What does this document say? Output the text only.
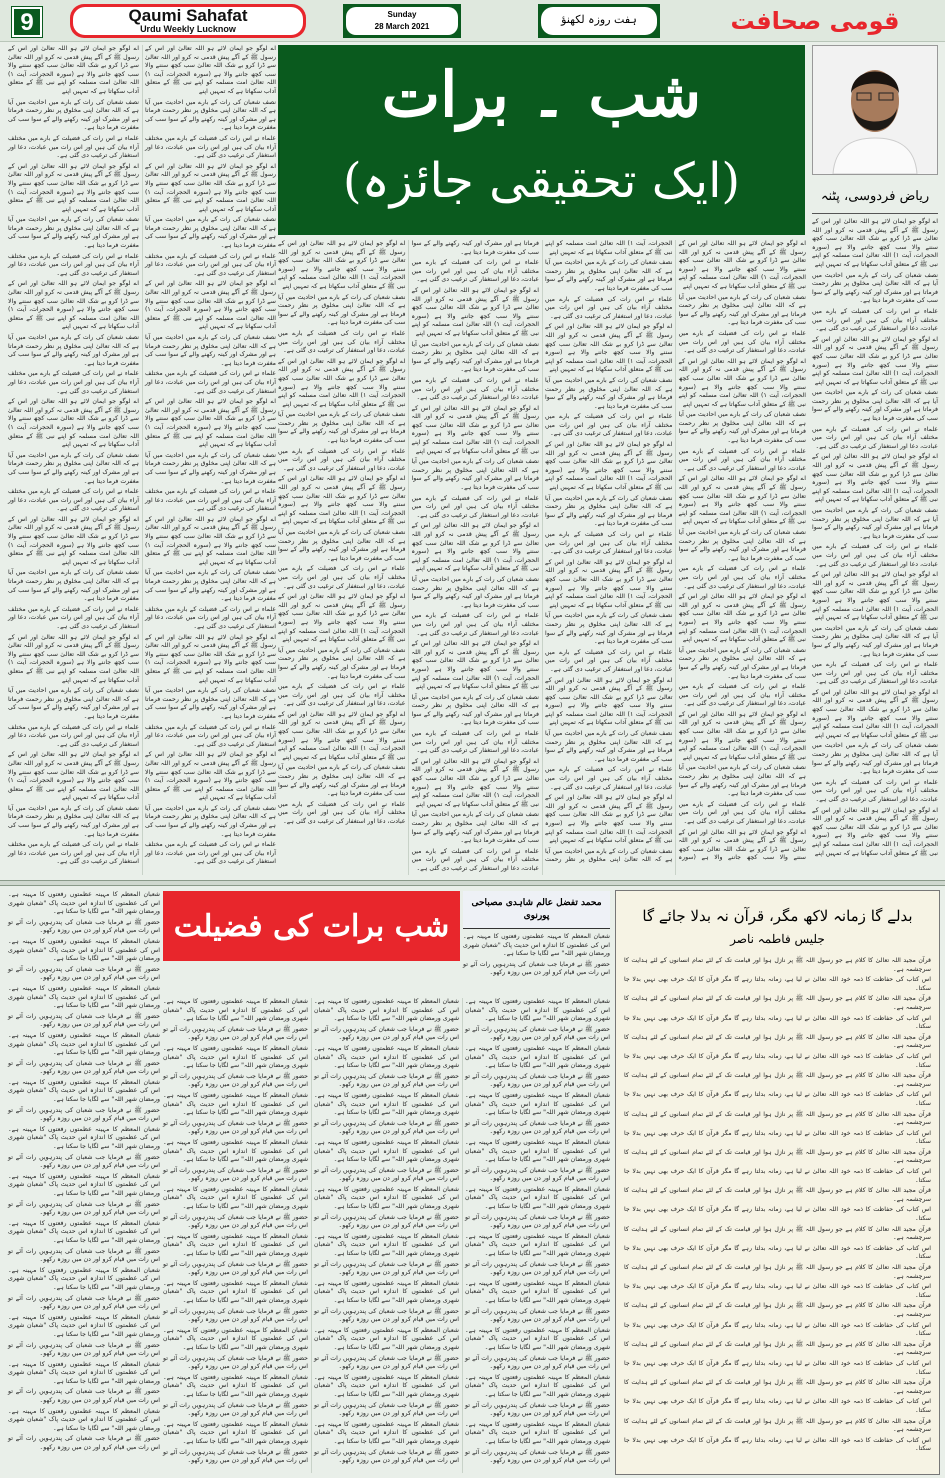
9	Qaumi Sahafat
Urdu Weekly Lucknow
Sunday
28 March 2021
ہفت روزہ لکھنؤ	قومی صحافت

اے لوگو جو ایمان لائے ہو اللہ تعالیٰ اور اس کے رسول ﷺ کے آگے پیش قدمی نہ کرو اور اللہ تعالیٰ سے ڈرا کرو بے شک اللہ تعالیٰ سب کچھ سننے والا سب کچھ جاننے والا ہے (سورہ الحجرات، آیت ۱) اللہ تعالیٰ امت مسلمہ کو اپنے نبی ﷺ کے متعلق آداب سکھاتا ہے کہ تمہیں اپنے

نصف شعبان کی رات کے بارے میں احادیث میں آیا ہے کہ اللہ تعالیٰ اپنی مخلوق پر نظر رحمت فرماتا ہے اور مشرک اور کینہ رکھنے والے کے سوا سب کی مغفرت فرما دیتا ہے۔

علماء نے اس رات کی فضیلت کے بارے میں مختلف آراء بیان کی ہیں اور اس رات میں عبادت، دعا اور استغفار کی ترغیب دی گئی ہے۔

اے لوگو جو ایمان لائے ہو اللہ تعالیٰ اور اس کے رسول ﷺ کے آگے پیش قدمی نہ کرو اور اللہ تعالیٰ سے ڈرا کرو بے شک اللہ تعالیٰ سب کچھ سننے والا سب کچھ جاننے والا ہے (سورہ الحجرات، آیت ۱) اللہ تعالیٰ امت مسلمہ کو اپنے نبی ﷺ کے متعلق آداب سکھاتا ہے کہ تمہیں اپنے

نصف شعبان کی رات کے بارے میں احادیث میں آیا ہے کہ اللہ تعالیٰ اپنی مخلوق پر نظر رحمت فرماتا ہے اور مشرک اور کینہ رکھنے والے کے سوا سب کی مغفرت فرما دیتا ہے۔

علماء نے اس رات کی فضیلت کے بارے میں مختلف آراء بیان کی ہیں اور اس رات میں عبادت، دعا اور استغفار کی ترغیب دی گئی ہے۔

اے لوگو جو ایمان لائے ہو اللہ تعالیٰ اور اس کے رسول ﷺ کے آگے پیش قدمی نہ کرو اور اللہ تعالیٰ سے ڈرا کرو بے شک اللہ تعالیٰ سب کچھ سننے والا سب کچھ جاننے والا ہے (سورہ الحجرات، آیت ۱) اللہ تعالیٰ امت مسلمہ کو اپنے نبی ﷺ کے متعلق آداب سکھاتا ہے کہ تمہیں اپنے

نصف شعبان کی رات کے بارے میں احادیث میں آیا ہے کہ اللہ تعالیٰ اپنی مخلوق پر نظر رحمت فرماتا ہے اور مشرک اور کینہ رکھنے والے کے سوا سب کی مغفرت فرما دیتا ہے۔

علماء نے اس رات کی فضیلت کے بارے میں مختلف آراء بیان کی ہیں اور اس رات میں عبادت، دعا اور استغفار کی ترغیب دی گئی ہے۔

اے لوگو جو ایمان لائے ہو اللہ تعالیٰ اور اس کے رسول ﷺ کے آگے پیش قدمی نہ کرو اور اللہ تعالیٰ سے ڈرا کرو بے شک اللہ تعالیٰ سب کچھ سننے والا سب کچھ جاننے والا ہے (سورہ الحجرات، آیت ۱) اللہ تعالیٰ امت مسلمہ کو اپنے نبی ﷺ کے متعلق آداب سکھاتا ہے کہ تمہیں اپنے

نصف شعبان کی رات کے بارے میں احادیث میں آیا ہے کہ اللہ تعالیٰ اپنی مخلوق پر نظر رحمت فرماتا ہے اور مشرک اور کینہ رکھنے والے کے سوا سب کی مغفرت فرما دیتا ہے۔

علماء نے اس رات کی فضیلت کے بارے میں مختلف آراء بیان کی ہیں اور اس رات میں عبادت، دعا اور استغفار کی ترغیب دی گئی ہے۔

اے لوگو جو ایمان لائے ہو اللہ تعالیٰ اور اس کے رسول ﷺ کے آگے پیش قدمی نہ کرو اور اللہ تعالیٰ سے ڈرا کرو بے شک اللہ تعالیٰ سب کچھ سننے والا سب کچھ جاننے والا ہے (سورہ الحجرات، آیت ۱) اللہ تعالیٰ امت مسلمہ کو اپنے نبی ﷺ کے متعلق آداب سکھاتا ہے کہ تمہیں اپنے

نصف شعبان کی رات کے بارے میں احادیث میں آیا ہے کہ اللہ تعالیٰ اپنی مخلوق پر نظر رحمت فرماتا ہے اور مشرک اور کینہ رکھنے والے کے سوا سب کی مغفرت فرما دیتا ہے۔

علماء نے اس رات کی فضیلت کے بارے میں مختلف آراء بیان کی ہیں اور اس رات میں عبادت، دعا اور استغفار کی ترغیب دی گئی ہے۔

اے لوگو جو ایمان لائے ہو اللہ تعالیٰ اور اس کے رسول ﷺ کے آگے پیش قدمی نہ کرو اور اللہ تعالیٰ سے ڈرا کرو بے شک اللہ تعالیٰ سب کچھ سننے والا سب کچھ جاننے والا ہے (سورہ الحجرات، آیت ۱) اللہ تعالیٰ امت مسلمہ کو اپنے نبی ﷺ کے متعلق آداب سکھاتا ہے کہ تمہیں اپنے

نصف شعبان کی رات کے بارے میں احادیث میں آیا ہے کہ اللہ تعالیٰ اپنی مخلوق پر نظر رحمت فرماتا ہے اور مشرک اور کینہ رکھنے والے کے سوا سب کی مغفرت فرما دیتا ہے۔

علماء نے اس رات کی فضیلت کے بارے میں مختلف آراء بیان کی ہیں اور اس رات میں عبادت، دعا اور استغفار کی ترغیب دی گئی ہے۔

اے لوگو جو ایمان لائے ہو اللہ تعالیٰ اور اس کے رسول ﷺ کے آگے پیش قدمی نہ کرو اور اللہ تعالیٰ سے ڈرا کرو بے شک اللہ تعالیٰ سب کچھ سننے والا سب کچھ جاننے والا ہے (سورہ الحجرات، آیت ۱) اللہ تعالیٰ امت مسلمہ کو اپنے نبی ﷺ کے متعلق آداب سکھاتا ہے کہ تمہیں اپنے

نصف شعبان کی رات کے بارے میں احادیث میں آیا ہے کہ اللہ تعالیٰ اپنی مخلوق پر نظر رحمت فرماتا ہے اور مشرک اور کینہ رکھنے والے کے سوا سب کی مغفرت فرما دیتا ہے۔

علماء نے اس رات کی فضیلت کے بارے میں مختلف آراء بیان کی ہیں اور اس رات میں عبادت، دعا اور استغفار کی ترغیب دی گئی ہے۔

اے لوگو جو ایمان لائے ہو اللہ تعالیٰ اور اس کے رسول ﷺ کے آگے پیش قدمی نہ کرو اور اللہ تعالیٰ سے ڈرا کرو بے شک اللہ تعالیٰ سب کچھ سننے والا سب کچھ جاننے والا ہے (سورہ الحجرات، آیت ۱) اللہ تعالیٰ امت مسلمہ کو اپنے نبی ﷺ کے متعلق آداب سکھاتا ہے کہ تمہیں اپنے

نصف شعبان کی رات کے بارے میں احادیث میں آیا ہے کہ اللہ تعالیٰ اپنی مخلوق پر نظر رحمت فرماتا ہے اور مشرک اور کینہ رکھنے والے کے سوا سب کی مغفرت فرما دیتا ہے۔

علماء نے اس رات کی فضیلت کے بارے میں مختلف آراء بیان کی ہیں اور اس رات میں عبادت، دعا اور استغفار کی ترغیب دی گئی ہے۔

اے لوگو جو ایمان لائے ہو اللہ تعالیٰ اور اس کے رسول ﷺ کے آگے پیش قدمی نہ کرو اور اللہ تعالیٰ سے ڈرا کرو بے شک اللہ تعالیٰ سب کچھ سننے والا سب کچھ جاننے والا ہے (سورہ الحجرات، آیت ۱) اللہ تعالیٰ امت مسلمہ کو اپنے نبی ﷺ کے متعلق آداب سکھاتا ہے کہ تمہیں اپنے

نصف شعبان کی رات کے بارے میں احادیث میں آیا ہے کہ اللہ تعالیٰ اپنی مخلوق پر نظر رحمت فرماتا ہے اور مشرک اور کینہ رکھنے والے کے سوا سب کی مغفرت فرما دیتا ہے۔

علماء نے اس رات کی فضیلت کے بارے میں مختلف آراء بیان کی ہیں اور اس رات میں عبادت، دعا اور استغفار کی ترغیب دی گئی ہے۔

اے لوگو جو ایمان لائے ہو اللہ تعالیٰ اور اس کے رسول ﷺ کے آگے پیش قدمی نہ کرو اور اللہ تعالیٰ سے ڈرا کرو بے شک اللہ تعالیٰ سب کچھ سننے والا سب کچھ جاننے والا ہے (سورہ الحجرات، آیت ۱) اللہ تعالیٰ امت مسلمہ کو اپنے نبی ﷺ کے متعلق آداب سکھاتا ہے کہ تمہیں اپنے

نصف شعبان کی رات کے بارے میں احادیث میں آیا ہے کہ اللہ تعالیٰ اپنی مخلوق پر نظر رحمت فرماتا ہے اور مشرک اور کینہ رکھنے والے کے سوا سب کی مغفرت فرما دیتا ہے۔

علماء نے اس رات کی فضیلت کے بارے میں مختلف آراء بیان کی ہیں اور اس رات میں عبادت، دعا اور استغفار کی ترغیب دی گئی ہے۔

اے لوگو جو ایمان لائے ہو اللہ تعالیٰ اور اس کے رسول ﷺ کے آگے پیش قدمی نہ کرو اور اللہ تعالیٰ سے ڈرا کرو بے شک اللہ تعالیٰ سب کچھ سننے والا سب کچھ جاننے والا ہے (سورہ الحجرات، آیت ۱) اللہ تعالیٰ امت مسلمہ کو اپنے نبی ﷺ کے متعلق آداب سکھاتا ہے کہ تمہیں اپنے

نصف شعبان کی رات کے بارے میں احادیث میں آیا ہے کہ اللہ تعالیٰ اپنی مخلوق پر نظر رحمت فرماتا ہے اور مشرک اور کینہ رکھنے والے کے سوا سب کی مغفرت فرما دیتا ہے۔

علماء نے اس رات کی فضیلت کے بارے میں مختلف آراء بیان کی ہیں اور اس رات میں عبادت، دعا اور استغفار کی ترغیب دی گئی ہے۔

اے لوگو جو ایمان لائے ہو اللہ تعالیٰ اور اس کے رسول ﷺ کے آگے پیش قدمی نہ کرو اور اللہ تعالیٰ سے ڈرا کرو بے شک اللہ تعالیٰ سب کچھ سننے والا سب کچھ جاننے والا ہے (سورہ الحجرات، آیت ۱) اللہ تعالیٰ امت مسلمہ کو اپنے نبی ﷺ کے متعلق آداب سکھاتا ہے کہ تمہیں اپنے

نصف شعبان کی رات کے بارے میں احادیث میں آیا ہے کہ اللہ تعالیٰ اپنی مخلوق پر نظر رحمت فرماتا ہے اور مشرک اور کینہ رکھنے والے کے سوا سب کی مغفرت فرما دیتا ہے۔

علماء نے اس رات کی فضیلت کے بارے میں مختلف آراء بیان کی ہیں اور اس رات میں عبادت، دعا اور استغفار کی ترغیب دی گئی ہے۔

اے لوگو جو ایمان لائے ہو اللہ تعالیٰ اور اس کے رسول ﷺ کے آگے پیش قدمی نہ کرو اور اللہ تعالیٰ سے ڈرا کرو بے شک اللہ تعالیٰ سب کچھ سننے والا سب کچھ جاننے والا ہے (سورہ الحجرات، آیت ۱) اللہ تعالیٰ امت مسلمہ کو اپنے نبی ﷺ کے متعلق آداب سکھاتا ہے کہ تمہیں اپنے

نصف شعبان کی رات کے بارے میں احادیث میں آیا ہے کہ اللہ تعالیٰ اپنی مخلوق پر نظر رحمت فرماتا ہے اور مشرک اور کینہ رکھنے والے کے سوا سب کی مغفرت فرما دیتا ہے۔

علماء نے اس رات کی فضیلت کے بارے میں مختلف آراء بیان کی ہیں اور اس رات میں عبادت، دعا اور استغفار کی ترغیب دی گئی ہے۔

اے لوگو جو ایمان لائے ہو اللہ تعالیٰ اور اس کے رسول ﷺ کے آگے پیش قدمی نہ کرو اور اللہ تعالیٰ سے ڈرا کرو بے شک اللہ تعالیٰ سب کچھ سننے والا سب کچھ جاننے والا ہے (سورہ الحجرات، آیت ۱) اللہ تعالیٰ امت مسلمہ کو اپنے نبی ﷺ کے متعلق آداب سکھاتا ہے کہ تمہیں اپنے

نصف شعبان کی رات کے بارے میں احادیث میں آیا ہے کہ اللہ تعالیٰ اپنی مخلوق پر نظر رحمت فرماتا ہے اور مشرک اور کینہ رکھنے والے کے سوا سب کی مغفرت فرما دیتا ہے۔

علماء نے اس رات کی فضیلت کے بارے میں مختلف آراء بیان کی ہیں اور اس رات میں عبادت، دعا اور استغفار کی ترغیب دی گئی ہے۔

شب ۔ برات
(ایک تحقیقی جائزہ)	ریاض فردوسی، پٹنہ

اے لوگو جو ایمان لائے ہو اللہ تعالیٰ اور اس کے رسول ﷺ کے آگے پیش قدمی نہ کرو اور اللہ تعالیٰ سے ڈرا کرو بے شک اللہ تعالیٰ سب کچھ سننے والا سب کچھ جاننے والا ہے (سورہ الحجرات، آیت ۱) اللہ تعالیٰ امت مسلمہ کو اپنے نبی ﷺ کے متعلق آداب سکھاتا ہے کہ تمہیں اپنے

نصف شعبان کی رات کے بارے میں احادیث میں آیا ہے کہ اللہ تعالیٰ اپنی مخلوق پر نظر رحمت فرماتا ہے اور مشرک اور کینہ رکھنے والے کے سوا سب کی مغفرت فرما دیتا ہے۔

علماء نے اس رات کی فضیلت کے بارے میں مختلف آراء بیان کی ہیں اور اس رات میں عبادت، دعا اور استغفار کی ترغیب دی گئی ہے۔

اے لوگو جو ایمان لائے ہو اللہ تعالیٰ اور اس کے رسول ﷺ کے آگے پیش قدمی نہ کرو اور اللہ تعالیٰ سے ڈرا کرو بے شک اللہ تعالیٰ سب کچھ سننے والا سب کچھ جاننے والا ہے (سورہ الحجرات، آیت ۱) اللہ تعالیٰ امت مسلمہ کو اپنے نبی ﷺ کے متعلق آداب سکھاتا ہے کہ تمہیں اپنے

نصف شعبان کی رات کے بارے میں احادیث میں آیا ہے کہ اللہ تعالیٰ اپنی مخلوق پر نظر رحمت فرماتا ہے اور مشرک اور کینہ رکھنے والے کے سوا سب کی مغفرت فرما دیتا ہے۔

علماء نے اس رات کی فضیلت کے بارے میں مختلف آراء بیان کی ہیں اور اس رات میں عبادت، دعا اور استغفار کی ترغیب دی گئی ہے۔

اے لوگو جو ایمان لائے ہو اللہ تعالیٰ اور اس کے رسول ﷺ کے آگے پیش قدمی نہ کرو اور اللہ تعالیٰ سے ڈرا کرو بے شک اللہ تعالیٰ سب کچھ سننے والا سب کچھ جاننے والا ہے (سورہ الحجرات، آیت ۱) اللہ تعالیٰ امت مسلمہ کو اپنے نبی ﷺ کے متعلق آداب سکھاتا ہے کہ تمہیں اپنے

نصف شعبان کی رات کے بارے میں احادیث میں آیا ہے کہ اللہ تعالیٰ اپنی مخلوق پر نظر رحمت فرماتا ہے اور مشرک اور کینہ رکھنے والے کے سوا سب کی مغفرت فرما دیتا ہے۔

علماء نے اس رات کی فضیلت کے بارے میں مختلف آراء بیان کی ہیں اور اس رات میں عبادت، دعا اور استغفار کی ترغیب دی گئی ہے۔

اے لوگو جو ایمان لائے ہو اللہ تعالیٰ اور اس کے رسول ﷺ کے آگے پیش قدمی نہ کرو اور اللہ تعالیٰ سے ڈرا کرو بے شک اللہ تعالیٰ سب کچھ سننے والا سب کچھ جاننے والا ہے (سورہ الحجرات، آیت ۱) اللہ تعالیٰ امت مسلمہ کو اپنے نبی ﷺ کے متعلق آداب سکھاتا ہے کہ تمہیں اپنے

نصف شعبان کی رات کے بارے میں احادیث میں آیا ہے کہ اللہ تعالیٰ اپنی مخلوق پر نظر رحمت فرماتا ہے اور مشرک اور کینہ رکھنے والے کے سوا سب کی مغفرت فرما دیتا ہے۔

علماء نے اس رات کی فضیلت کے بارے میں مختلف آراء بیان کی ہیں اور اس رات میں عبادت، دعا اور استغفار کی ترغیب دی گئی ہے۔

اے لوگو جو ایمان لائے ہو اللہ تعالیٰ اور اس کے رسول ﷺ کے آگے پیش قدمی نہ کرو اور اللہ تعالیٰ سے ڈرا کرو بے شک اللہ تعالیٰ سب کچھ سننے والا سب کچھ جاننے والا ہے (سورہ الحجرات، آیت ۱) اللہ تعالیٰ امت مسلمہ کو اپنے نبی ﷺ کے متعلق آداب سکھاتا ہے کہ تمہیں اپنے

نصف شعبان کی رات کے بارے میں احادیث میں آیا ہے کہ اللہ تعالیٰ اپنی مخلوق پر نظر رحمت فرماتا ہے اور مشرک اور کینہ رکھنے والے کے سوا سب کی مغفرت فرما دیتا ہے۔

علماء نے اس رات کی فضیلت کے بارے میں مختلف آراء بیان کی ہیں اور اس رات میں عبادت، دعا اور استغفار کی ترغیب دی گئی ہے۔

اے لوگو جو ایمان لائے ہو اللہ تعالیٰ اور اس کے رسول ﷺ کے آگے پیش قدمی نہ کرو اور اللہ تعالیٰ سے ڈرا کرو بے شک اللہ تعالیٰ سب کچھ سننے والا سب کچھ جاننے والا ہے (سورہ الحجرات، آیت ۱) اللہ تعالیٰ امت مسلمہ کو اپنے نبی ﷺ کے متعلق آداب سکھاتا ہے کہ تمہیں اپنے

اے لوگو جو ایمان لائے ہو اللہ تعالیٰ اور اس کے رسول ﷺ کے آگے پیش قدمی نہ کرو اور اللہ تعالیٰ سے ڈرا کرو بے شک اللہ تعالیٰ سب کچھ سننے والا سب کچھ جاننے والا ہے (سورہ الحجرات، آیت ۱) اللہ تعالیٰ امت مسلمہ کو اپنے نبی ﷺ کے متعلق آداب سکھاتا ہے کہ تمہیں اپنے

نصف شعبان کی رات کے بارے میں احادیث میں آیا ہے کہ اللہ تعالیٰ اپنی مخلوق پر نظر رحمت فرماتا ہے اور مشرک اور کینہ رکھنے والے کے سوا سب کی مغفرت فرما دیتا ہے۔

علماء نے اس رات کی فضیلت کے بارے میں مختلف آراء بیان کی ہیں اور اس رات میں عبادت، دعا اور استغفار کی ترغیب دی گئی ہے۔

اے لوگو جو ایمان لائے ہو اللہ تعالیٰ اور اس کے رسول ﷺ کے آگے پیش قدمی نہ کرو اور اللہ تعالیٰ سے ڈرا کرو بے شک اللہ تعالیٰ سب کچھ سننے والا سب کچھ جاننے والا ہے (سورہ الحجرات، آیت ۱) اللہ تعالیٰ امت مسلمہ کو اپنے نبی ﷺ کے متعلق آداب سکھاتا ہے کہ تمہیں اپنے

نصف شعبان کی رات کے بارے میں احادیث میں آیا ہے کہ اللہ تعالیٰ اپنی مخلوق پر نظر رحمت فرماتا ہے اور مشرک اور کینہ رکھنے والے کے سوا سب کی مغفرت فرما دیتا ہے۔

علماء نے اس رات کی فضیلت کے بارے میں مختلف آراء بیان کی ہیں اور اس رات میں عبادت، دعا اور استغفار کی ترغیب دی گئی ہے۔

اے لوگو جو ایمان لائے ہو اللہ تعالیٰ اور اس کے رسول ﷺ کے آگے پیش قدمی نہ کرو اور اللہ تعالیٰ سے ڈرا کرو بے شک اللہ تعالیٰ سب کچھ سننے والا سب کچھ جاننے والا ہے (سورہ الحجرات، آیت ۱) اللہ تعالیٰ امت مسلمہ کو اپنے نبی ﷺ کے متعلق آداب سکھاتا ہے کہ تمہیں اپنے

نصف شعبان کی رات کے بارے میں احادیث میں آیا ہے کہ اللہ تعالیٰ اپنی مخلوق پر نظر رحمت فرماتا ہے اور مشرک اور کینہ رکھنے والے کے سوا سب کی مغفرت فرما دیتا ہے۔

علماء نے اس رات کی فضیلت کے بارے میں مختلف آراء بیان کی ہیں اور اس رات میں عبادت، دعا اور استغفار کی ترغیب دی گئی ہے۔

اے لوگو جو ایمان لائے ہو اللہ تعالیٰ اور اس کے رسول ﷺ کے آگے پیش قدمی نہ کرو اور اللہ تعالیٰ سے ڈرا کرو بے شک اللہ تعالیٰ سب کچھ سننے والا سب کچھ جاننے والا ہے (سورہ الحجرات، آیت ۱) اللہ تعالیٰ امت مسلمہ کو اپنے نبی ﷺ کے متعلق آداب سکھاتا ہے کہ تمہیں اپنے

نصف شعبان کی رات کے بارے میں احادیث میں آیا ہے کہ اللہ تعالیٰ اپنی مخلوق پر نظر رحمت فرماتا ہے اور مشرک اور کینہ رکھنے والے کے سوا سب کی مغفرت فرما دیتا ہے۔

علماء نے اس رات کی فضیلت کے بارے میں مختلف آراء بیان کی ہیں اور اس رات میں عبادت، دعا اور استغفار کی ترغیب دی گئی ہے۔

اے لوگو جو ایمان لائے ہو اللہ تعالیٰ اور اس کے رسول ﷺ کے آگے پیش قدمی نہ کرو اور اللہ تعالیٰ سے ڈرا کرو بے شک اللہ تعالیٰ سب کچھ سننے والا سب کچھ جاننے والا ہے (سورہ الحجرات، آیت ۱) اللہ تعالیٰ امت مسلمہ کو اپنے نبی ﷺ کے متعلق آداب سکھاتا ہے کہ تمہیں اپنے

نصف شعبان کی رات کے بارے میں احادیث میں آیا ہے کہ اللہ تعالیٰ اپنی مخلوق پر نظر رحمت فرماتا ہے اور مشرک اور کینہ رکھنے والے کے سوا سب کی مغفرت فرما دیتا ہے۔

علماء نے اس رات کی فضیلت کے بارے میں مختلف آراء بیان کی ہیں اور اس رات میں عبادت، دعا اور استغفار کی ترغیب دی گئی ہے۔

اے لوگو جو ایمان لائے ہو اللہ تعالیٰ اور اس کے رسول ﷺ کے آگے پیش قدمی نہ کرو اور اللہ تعالیٰ سے ڈرا کرو بے شک اللہ تعالیٰ سب کچھ سننے والا سب کچھ جاننے والا ہے (سورہ الحجرات، آیت ۱) اللہ تعالیٰ امت مسلمہ کو اپنے نبی ﷺ کے متعلق آداب سکھاتا ہے کہ تمہیں اپنے

نصف شعبان کی رات کے بارے میں احادیث میں آیا ہے کہ اللہ تعالیٰ اپنی مخلوق پر نظر رحمت فرماتا ہے اور مشرک اور کینہ رکھنے والے کے سوا سب کی مغفرت فرما دیتا ہے۔

علماء نے اس رات کی فضیلت کے بارے میں مختلف آراء بیان کی ہیں اور اس رات میں عبادت، دعا اور استغفار کی ترغیب دی گئی ہے۔

اے لوگو جو ایمان لائے ہو اللہ تعالیٰ اور اس کے رسول ﷺ کے آگے پیش قدمی نہ کرو اور اللہ تعالیٰ سے ڈرا کرو بے شک اللہ تعالیٰ سب کچھ سننے والا سب کچھ جاننے والا ہے (سورہ الحجرات، آیت ۱) اللہ تعالیٰ امت مسلمہ کو اپنے نبی ﷺ کے متعلق آداب سکھاتا ہے کہ تمہیں اپنے

نصف شعبان کی رات کے بارے میں احادیث میں آیا ہے کہ اللہ تعالیٰ اپنی مخلوق پر نظر رحمت فرماتا ہے اور مشرک اور کینہ رکھنے والے کے سوا سب کی مغفرت فرما دیتا ہے۔

علماء نے اس رات کی فضیلت کے بارے میں مختلف آراء بیان کی ہیں اور اس رات میں عبادت، دعا اور استغفار کی ترغیب دی گئی ہے۔

اے لوگو جو ایمان لائے ہو اللہ تعالیٰ اور اس کے رسول ﷺ کے آگے پیش قدمی نہ کرو اور اللہ تعالیٰ سے ڈرا کرو بے شک اللہ تعالیٰ سب کچھ سننے والا سب کچھ جاننے والا ہے (سورہ الحجرات، آیت ۱) اللہ تعالیٰ امت مسلمہ کو اپنے نبی ﷺ کے متعلق آداب سکھاتا ہے کہ تمہیں اپنے

نصف شعبان کی رات کے بارے میں احادیث میں آیا ہے کہ اللہ تعالیٰ اپنی مخلوق پر نظر رحمت فرماتا ہے اور مشرک اور کینہ رکھنے والے کے سوا سب کی مغفرت فرما دیتا ہے۔

علماء نے اس رات کی فضیلت کے بارے میں مختلف آراء بیان کی ہیں اور اس رات میں عبادت، دعا اور استغفار کی ترغیب دی گئی ہے۔

اے لوگو جو ایمان لائے ہو اللہ تعالیٰ اور اس کے رسول ﷺ کے آگے پیش قدمی نہ کرو اور اللہ تعالیٰ سے ڈرا کرو بے شک اللہ تعالیٰ سب کچھ سننے والا سب کچھ جاننے والا ہے (سورہ الحجرات، آیت ۱) اللہ تعالیٰ امت مسلمہ کو اپنے نبی ﷺ کے متعلق آداب سکھاتا ہے کہ تمہیں اپنے

نصف شعبان کی رات کے بارے میں احادیث میں آیا ہے کہ اللہ تعالیٰ اپنی مخلوق پر نظر رحمت فرماتا ہے اور مشرک اور کینہ رکھنے والے کے سوا سب کی مغفرت فرما دیتا ہے۔

علماء نے اس رات کی فضیلت کے بارے میں مختلف آراء بیان کی ہیں اور اس رات میں عبادت، دعا اور استغفار کی ترغیب دی گئی ہے۔

اے لوگو جو ایمان لائے ہو اللہ تعالیٰ اور اس کے رسول ﷺ کے آگے پیش قدمی نہ کرو اور اللہ تعالیٰ سے ڈرا کرو بے شک اللہ تعالیٰ سب کچھ سننے والا سب کچھ جاننے والا ہے (سورہ الحجرات، آیت ۱) اللہ تعالیٰ امت مسلمہ کو اپنے نبی ﷺ کے متعلق آداب سکھاتا ہے کہ تمہیں اپنے

نصف شعبان کی رات کے بارے میں احادیث میں آیا ہے کہ اللہ تعالیٰ اپنی مخلوق پر نظر رحمت فرماتا ہے اور مشرک اور کینہ رکھنے والے کے سوا سب کی مغفرت فرما دیتا ہے۔

علماء نے اس رات کی فضیلت کے بارے میں مختلف آراء بیان کی ہیں اور اس رات میں عبادت، دعا اور استغفار کی ترغیب دی گئی ہے۔

اے لوگو جو ایمان لائے ہو اللہ تعالیٰ اور اس کے رسول ﷺ کے آگے پیش قدمی نہ کرو اور اللہ تعالیٰ سے ڈرا کرو بے شک اللہ تعالیٰ سب کچھ سننے والا سب کچھ جاننے والا ہے (سورہ الحجرات، آیت ۱) اللہ تعالیٰ امت مسلمہ کو اپنے نبی ﷺ کے متعلق آداب سکھاتا ہے کہ تمہیں اپنے

نصف شعبان کی رات کے بارے میں احادیث میں آیا ہے کہ اللہ تعالیٰ اپنی مخلوق پر نظر رحمت فرماتا ہے اور مشرک اور کینہ رکھنے والے کے سوا سب کی مغفرت فرما دیتا ہے۔

علماء نے اس رات کی فضیلت کے بارے میں مختلف آراء بیان کی ہیں اور اس رات میں عبادت، دعا اور استغفار کی ترغیب دی گئی ہے۔

اے لوگو جو ایمان لائے ہو اللہ تعالیٰ اور اس کے رسول ﷺ کے آگے پیش قدمی نہ کرو اور اللہ تعالیٰ سے ڈرا کرو بے شک اللہ تعالیٰ سب کچھ سننے والا سب کچھ جاننے والا ہے (سورہ الحجرات، آیت ۱) اللہ تعالیٰ امت مسلمہ کو اپنے نبی ﷺ کے متعلق آداب سکھاتا ہے کہ تمہیں اپنے

نصف شعبان کی رات کے بارے میں احادیث میں آیا ہے کہ اللہ تعالیٰ اپنی مخلوق پر نظر رحمت فرماتا ہے اور مشرک اور کینہ رکھنے والے کے سوا سب کی مغفرت فرما دیتا ہے۔

علماء نے اس رات کی فضیلت کے بارے میں مختلف آراء بیان کی ہیں اور اس رات میں عبادت، دعا اور استغفار کی ترغیب دی گئی ہے۔

اے لوگو جو ایمان لائے ہو اللہ تعالیٰ اور اس کے رسول ﷺ کے آگے پیش قدمی نہ کرو اور اللہ تعالیٰ سے ڈرا کرو بے شک اللہ تعالیٰ سب کچھ سننے والا سب کچھ جاننے والا ہے (سورہ الحجرات، آیت ۱) اللہ تعالیٰ امت مسلمہ کو اپنے نبی ﷺ کے متعلق آداب سکھاتا ہے کہ تمہیں اپنے

نصف شعبان کی رات کے بارے میں احادیث میں آیا ہے کہ اللہ تعالیٰ اپنی مخلوق پر نظر رحمت فرماتا ہے اور مشرک اور کینہ رکھنے والے کے سوا سب کی مغفرت فرما دیتا ہے۔

علماء نے اس رات کی فضیلت کے بارے میں مختلف آراء بیان کی ہیں اور اس رات میں عبادت، دعا اور استغفار کی ترغیب دی گئی ہے۔

اے لوگو جو ایمان لائے ہو اللہ تعالیٰ اور اس کے رسول ﷺ کے آگے پیش قدمی نہ کرو اور اللہ تعالیٰ سے ڈرا کرو بے شک اللہ تعالیٰ سب کچھ سننے والا سب کچھ جاننے والا ہے (سورہ الحجرات، آیت ۱) اللہ تعالیٰ امت مسلمہ کو اپنے نبی ﷺ کے متعلق آداب سکھاتا ہے کہ تمہیں اپنے

نصف شعبان کی رات کے بارے میں احادیث میں آیا ہے کہ اللہ تعالیٰ اپنی مخلوق پر نظر رحمت فرماتا ہے اور مشرک اور کینہ رکھنے والے کے سوا سب کی مغفرت فرما دیتا ہے۔

علماء نے اس رات کی فضیلت کے بارے میں مختلف آراء بیان کی ہیں اور اس رات میں عبادت، دعا اور استغفار کی ترغیب دی گئی ہے۔

اے لوگو جو ایمان لائے ہو اللہ تعالیٰ اور اس کے رسول ﷺ کے آگے پیش قدمی نہ کرو اور اللہ تعالیٰ سے ڈرا کرو بے شک اللہ تعالیٰ سب کچھ سننے والا سب کچھ جاننے والا ہے (سورہ الحجرات، آیت ۱) اللہ تعالیٰ امت مسلمہ کو اپنے نبی ﷺ کے متعلق آداب سکھاتا ہے کہ تمہیں اپنے

نصف شعبان کی رات کے بارے میں احادیث میں آیا ہے کہ اللہ تعالیٰ اپنی مخلوق پر نظر رحمت فرماتا ہے اور مشرک اور کینہ رکھنے والے کے سوا سب کی مغفرت فرما دیتا ہے۔

علماء نے اس رات کی فضیلت کے بارے میں مختلف آراء بیان کی ہیں اور اس رات میں عبادت، دعا اور استغفار کی ترغیب دی گئی ہے۔

اے لوگو جو ایمان لائے ہو اللہ تعالیٰ اور اس کے رسول ﷺ کے آگے پیش قدمی نہ کرو اور اللہ تعالیٰ سے ڈرا کرو بے شک اللہ تعالیٰ سب کچھ سننے والا سب کچھ جاننے والا ہے (سورہ الحجرات، آیت ۱) اللہ تعالیٰ امت مسلمہ کو اپنے نبی ﷺ کے متعلق آداب سکھاتا ہے کہ تمہیں اپنے

نصف شعبان کی رات کے بارے میں احادیث میں آیا ہے کہ اللہ تعالیٰ اپنی مخلوق پر نظر رحمت فرماتا ہے اور مشرک اور کینہ رکھنے والے کے سوا سب کی مغفرت فرما دیتا ہے۔

علماء نے اس رات کی فضیلت کے بارے میں مختلف آراء بیان کی ہیں اور اس رات میں عبادت، دعا اور استغفار کی ترغیب دی گئی ہے۔

اے لوگو جو ایمان لائے ہو اللہ تعالیٰ اور اس کے رسول ﷺ کے آگے پیش قدمی نہ کرو اور اللہ تعالیٰ سے ڈرا کرو بے شک اللہ تعالیٰ سب کچھ سننے والا سب کچھ جاننے والا ہے (سورہ الحجرات، آیت ۱) اللہ تعالیٰ امت مسلمہ کو اپنے نبی ﷺ کے متعلق آداب سکھاتا ہے کہ تمہیں اپنے

نصف شعبان کی رات کے بارے میں احادیث میں آیا ہے کہ اللہ تعالیٰ اپنی مخلوق پر نظر رحمت فرماتا ہے اور مشرک اور کینہ رکھنے والے کے سوا سب کی مغفرت فرما دیتا ہے۔

علماء نے اس رات کی فضیلت کے بارے میں مختلف آراء بیان کی ہیں اور اس رات میں عبادت، دعا اور استغفار کی ترغیب دی گئی ہے۔

اے لوگو جو ایمان لائے ہو اللہ تعالیٰ اور اس کے رسول ﷺ کے آگے پیش قدمی نہ کرو اور اللہ تعالیٰ سے ڈرا کرو بے شک اللہ تعالیٰ سب کچھ سننے والا سب کچھ جاننے والا ہے (سورہ الحجرات، آیت ۱) اللہ تعالیٰ امت مسلمہ کو اپنے نبی ﷺ کے متعلق آداب سکھاتا ہے کہ تمہیں اپنے

نصف شعبان کی رات کے بارے میں احادیث میں آیا ہے کہ اللہ تعالیٰ اپنی مخلوق پر نظر رحمت فرماتا ہے اور مشرک اور کینہ رکھنے والے کے سوا سب کی مغفرت فرما دیتا ہے۔

علماء نے اس رات کی فضیلت کے بارے میں مختلف آراء بیان کی ہیں اور اس رات میں عبادت، دعا اور استغفار کی ترغیب دی گئی ہے۔

اے لوگو جو ایمان لائے ہو اللہ تعالیٰ اور اس کے رسول ﷺ کے آگے پیش قدمی نہ کرو اور اللہ تعالیٰ سے ڈرا کرو بے شک اللہ تعالیٰ سب کچھ سننے والا سب کچھ جاننے والا ہے (سورہ الحجرات، آیت ۱) اللہ تعالیٰ امت مسلمہ کو اپنے نبی ﷺ کے متعلق آداب سکھاتا ہے کہ تمہیں اپنے

نصف شعبان کی رات کے بارے میں احادیث میں آیا ہے کہ اللہ تعالیٰ اپنی مخلوق پر نظر رحمت فرماتا ہے اور مشرک اور کینہ رکھنے والے کے سوا سب کی مغفرت فرما دیتا ہے۔

علماء نے اس رات کی فضیلت کے بارے میں مختلف آراء بیان کی ہیں اور اس رات میں عبادت، دعا اور استغفار کی ترغیب دی گئی ہے۔

اے لوگو جو ایمان لائے ہو اللہ تعالیٰ اور اس کے رسول ﷺ کے آگے پیش قدمی نہ کرو اور اللہ تعالیٰ سے ڈرا کرو بے شک اللہ تعالیٰ سب کچھ سننے والا سب کچھ جاننے والا ہے (سورہ الحجرات، آیت ۱) اللہ تعالیٰ امت مسلمہ کو اپنے نبی ﷺ کے متعلق آداب سکھاتا ہے کہ تمہیں اپنے

نصف شعبان کی رات کے بارے میں احادیث میں آیا ہے کہ اللہ تعالیٰ اپنی مخلوق پر نظر رحمت فرماتا ہے اور مشرک اور کینہ رکھنے والے کے سوا سب کی مغفرت فرما دیتا ہے۔

علماء نے اس رات کی فضیلت کے بارے میں مختلف آراء بیان کی ہیں اور اس رات میں عبادت، دعا اور استغفار کی ترغیب دی گئی ہے۔

اے لوگو جو ایمان لائے ہو اللہ تعالیٰ اور اس کے رسول ﷺ کے آگے پیش قدمی نہ کرو اور اللہ تعالیٰ سے ڈرا کرو بے شک اللہ تعالیٰ سب کچھ سننے والا سب کچھ جاننے والا ہے (سورہ الحجرات، آیت ۱) اللہ تعالیٰ امت مسلمہ کو اپنے نبی ﷺ کے متعلق آداب سکھاتا ہے کہ تمہیں اپنے

نصف شعبان کی رات کے بارے میں احادیث میں آیا ہے کہ اللہ تعالیٰ اپنی مخلوق پر نظر رحمت فرماتا ہے اور مشرک اور کینہ رکھنے والے کے سوا سب کی مغفرت فرما دیتا ہے۔

علماء نے اس رات کی فضیلت کے بارے میں مختلف آراء بیان کی ہیں اور اس رات میں عبادت، دعا اور استغفار کی ترغیب دی گئی ہے۔

شعبان المعظم کا مہینہ عظمتوں رفعتوں کا مہینہ ہے۔ اس کی عظمتوں کا اندازہ اس حدیث پاک "شعبان شھری ورمضان شھر اللہ" سے لگایا جا سکتا ہے۔

حضور ﷺ نے فرمایا جب شعبان کی پندرہویں رات آئے تو اس رات میں قیام کرو اور دن میں روزہ رکھو۔

شعبان المعظم کا مہینہ عظمتوں رفعتوں کا مہینہ ہے۔ اس کی عظمتوں کا اندازہ اس حدیث پاک "شعبان شھری ورمضان شھر اللہ" سے لگایا جا سکتا ہے۔

حضور ﷺ نے فرمایا جب شعبان کی پندرہویں رات آئے تو اس رات میں قیام کرو اور دن میں روزہ رکھو۔

شعبان المعظم کا مہینہ عظمتوں رفعتوں کا مہینہ ہے۔ اس کی عظمتوں کا اندازہ اس حدیث پاک "شعبان شھری ورمضان شھر اللہ" سے لگایا جا سکتا ہے۔

حضور ﷺ نے فرمایا جب شعبان کی پندرہویں رات آئے تو اس رات میں قیام کرو اور دن میں روزہ رکھو۔

شعبان المعظم کا مہینہ عظمتوں رفعتوں کا مہینہ ہے۔ اس کی عظمتوں کا اندازہ اس حدیث پاک "شعبان شھری ورمضان شھر اللہ" سے لگایا جا سکتا ہے۔

حضور ﷺ نے فرمایا جب شعبان کی پندرہویں رات آئے تو اس رات میں قیام کرو اور دن میں روزہ رکھو۔

شعبان المعظم کا مہینہ عظمتوں رفعتوں کا مہینہ ہے۔ اس کی عظمتوں کا اندازہ اس حدیث پاک "شعبان شھری ورمضان شھر اللہ" سے لگایا جا سکتا ہے۔

حضور ﷺ نے فرمایا جب شعبان کی پندرہویں رات آئے تو اس رات میں قیام کرو اور دن میں روزہ رکھو۔

شعبان المعظم کا مہینہ عظمتوں رفعتوں کا مہینہ ہے۔ اس کی عظمتوں کا اندازہ اس حدیث پاک "شعبان شھری ورمضان شھر اللہ" سے لگایا جا سکتا ہے۔

حضور ﷺ نے فرمایا جب شعبان کی پندرہویں رات آئے تو اس رات میں قیام کرو اور دن میں روزہ رکھو۔

شعبان المعظم کا مہینہ عظمتوں رفعتوں کا مہینہ ہے۔ اس کی عظمتوں کا اندازہ اس حدیث پاک "شعبان شھری ورمضان شھر اللہ" سے لگایا جا سکتا ہے۔

حضور ﷺ نے فرمایا جب شعبان کی پندرہویں رات آئے تو اس رات میں قیام کرو اور دن میں روزہ رکھو۔

شعبان المعظم کا مہینہ عظمتوں رفعتوں کا مہینہ ہے۔ اس کی عظمتوں کا اندازہ اس حدیث پاک "شعبان شھری ورمضان شھر اللہ" سے لگایا جا سکتا ہے۔

حضور ﷺ نے فرمایا جب شعبان کی پندرہویں رات آئے تو اس رات میں قیام کرو اور دن میں روزہ رکھو۔

شعبان المعظم کا مہینہ عظمتوں رفعتوں کا مہینہ ہے۔ اس کی عظمتوں کا اندازہ اس حدیث پاک "شعبان شھری ورمضان شھر اللہ" سے لگایا جا سکتا ہے۔

حضور ﷺ نے فرمایا جب شعبان کی پندرہویں رات آئے تو اس رات میں قیام کرو اور دن میں روزہ رکھو۔

شعبان المعظم کا مہینہ عظمتوں رفعتوں کا مہینہ ہے۔ اس کی عظمتوں کا اندازہ اس حدیث پاک "شعبان شھری ورمضان شھر اللہ" سے لگایا جا سکتا ہے۔

حضور ﷺ نے فرمایا جب شعبان کی پندرہویں رات آئے تو اس رات میں قیام کرو اور دن میں روزہ رکھو۔

شعبان المعظم کا مہینہ عظمتوں رفعتوں کا مہینہ ہے۔ اس کی عظمتوں کا اندازہ اس حدیث پاک "شعبان شھری ورمضان شھر اللہ" سے لگایا جا سکتا ہے۔

حضور ﷺ نے فرمایا جب شعبان کی پندرہویں رات آئے تو اس رات میں قیام کرو اور دن میں روزہ رکھو۔

شعبان المعظم کا مہینہ عظمتوں رفعتوں کا مہینہ ہے۔ اس کی عظمتوں کا اندازہ اس حدیث پاک "شعبان شھری ورمضان شھر اللہ" سے لگایا جا سکتا ہے۔

حضور ﷺ نے فرمایا جب شعبان کی پندرہویں رات آئے تو اس رات میں قیام کرو اور دن میں روزہ رکھو۔

شب برات کی فضیلت
محمد تفضل عالم شاہدی مصباحی پورنوی

شعبان المعظم کا مہینہ عظمتوں رفعتوں کا مہینہ ہے۔ اس کی عظمتوں کا اندازہ اس حدیث پاک "شعبان شھری ورمضان شھر اللہ" سے لگایا جا سکتا ہے۔

حضور ﷺ نے فرمایا جب شعبان کی پندرہویں رات آئے تو اس رات میں قیام کرو اور دن میں روزہ رکھو۔

شعبان المعظم کا مہینہ عظمتوں رفعتوں کا مہینہ ہے۔ اس کی عظمتوں کا اندازہ اس حدیث پاک "شعبان شھری ورمضان شھر اللہ" سے لگایا جا سکتا ہے۔

حضور ﷺ نے فرمایا جب شعبان کی پندرہویں رات آئے تو اس رات میں قیام کرو اور دن میں روزہ رکھو۔

شعبان المعظم کا مہینہ عظمتوں رفعتوں کا مہینہ ہے۔ اس کی عظمتوں کا اندازہ اس حدیث پاک "شعبان شھری ورمضان شھر اللہ" سے لگایا جا سکتا ہے۔

حضور ﷺ نے فرمایا جب شعبان کی پندرہویں رات آئے تو اس رات میں قیام کرو اور دن میں روزہ رکھو۔

شعبان المعظم کا مہینہ عظمتوں رفعتوں کا مہینہ ہے۔ اس کی عظمتوں کا اندازہ اس حدیث پاک "شعبان شھری ورمضان شھر اللہ" سے لگایا جا سکتا ہے۔

حضور ﷺ نے فرمایا جب شعبان کی پندرہویں رات آئے تو اس رات میں قیام کرو اور دن میں روزہ رکھو۔

شعبان المعظم کا مہینہ عظمتوں رفعتوں کا مہینہ ہے۔ اس کی عظمتوں کا اندازہ اس حدیث پاک "شعبان شھری ورمضان شھر اللہ" سے لگایا جا سکتا ہے۔

حضور ﷺ نے فرمایا جب شعبان کی پندرہویں رات آئے تو اس رات میں قیام کرو اور دن میں روزہ رکھو۔

شعبان المعظم کا مہینہ عظمتوں رفعتوں کا مہینہ ہے۔ اس کی عظمتوں کا اندازہ اس حدیث پاک "شعبان شھری ورمضان شھر اللہ" سے لگایا جا سکتا ہے۔

حضور ﷺ نے فرمایا جب شعبان کی پندرہویں رات آئے تو اس رات میں قیام کرو اور دن میں روزہ رکھو۔

شعبان المعظم کا مہینہ عظمتوں رفعتوں کا مہینہ ہے۔ اس کی عظمتوں کا اندازہ اس حدیث پاک "شعبان شھری ورمضان شھر اللہ" سے لگایا جا سکتا ہے۔

حضور ﷺ نے فرمایا جب شعبان کی پندرہویں رات آئے تو اس رات میں قیام کرو اور دن میں روزہ رکھو۔

شعبان المعظم کا مہینہ عظمتوں رفعتوں کا مہینہ ہے۔ اس کی عظمتوں کا اندازہ اس حدیث پاک "شعبان شھری ورمضان شھر اللہ" سے لگایا جا سکتا ہے۔

حضور ﷺ نے فرمایا جب شعبان کی پندرہویں رات آئے تو اس رات میں قیام کرو اور دن میں روزہ رکھو۔

شعبان المعظم کا مہینہ عظمتوں رفعتوں کا مہینہ ہے۔ اس کی عظمتوں کا اندازہ اس حدیث پاک "شعبان شھری ورمضان شھر اللہ" سے لگایا جا سکتا ہے۔

حضور ﷺ نے فرمایا جب شعبان کی پندرہویں رات آئے تو اس رات میں قیام کرو اور دن میں روزہ رکھو۔

شعبان المعظم کا مہینہ عظمتوں رفعتوں کا مہینہ ہے۔ اس کی عظمتوں کا اندازہ اس حدیث پاک "شعبان شھری ورمضان شھر اللہ" سے لگایا جا سکتا ہے۔

حضور ﷺ نے فرمایا جب شعبان کی پندرہویں رات آئے تو اس رات میں قیام کرو اور دن میں روزہ رکھو۔

شعبان المعظم کا مہینہ عظمتوں رفعتوں کا مہینہ ہے۔ اس کی عظمتوں کا اندازہ اس حدیث پاک "شعبان شھری ورمضان شھر اللہ" سے لگایا جا سکتا ہے۔

حضور ﷺ نے فرمایا جب شعبان کی پندرہویں رات آئے تو اس رات میں قیام کرو اور دن میں روزہ رکھو۔

شعبان المعظم کا مہینہ عظمتوں رفعتوں کا مہینہ ہے۔ اس کی عظمتوں کا اندازہ اس حدیث پاک "شعبان شھری ورمضان شھر اللہ" سے لگایا جا سکتا ہے۔

حضور ﷺ نے فرمایا جب شعبان کی پندرہویں رات آئے تو اس رات میں قیام کرو اور دن میں روزہ رکھو۔

شعبان المعظم کا مہینہ عظمتوں رفعتوں کا مہینہ ہے۔ اس کی عظمتوں کا اندازہ اس حدیث پاک "شعبان شھری ورمضان شھر اللہ" سے لگایا جا سکتا ہے۔

حضور ﷺ نے فرمایا جب شعبان کی پندرہویں رات آئے تو اس رات میں قیام کرو اور دن میں روزہ رکھو۔

شعبان المعظم کا مہینہ عظمتوں رفعتوں کا مہینہ ہے۔ اس کی عظمتوں کا اندازہ اس حدیث پاک "شعبان شھری ورمضان شھر اللہ" سے لگایا جا سکتا ہے۔

حضور ﷺ نے فرمایا جب شعبان کی پندرہویں رات آئے تو اس رات میں قیام کرو اور دن میں روزہ رکھو۔

شعبان المعظم کا مہینہ عظمتوں رفعتوں کا مہینہ ہے۔ اس کی عظمتوں کا اندازہ اس حدیث پاک "شعبان شھری ورمضان شھر اللہ" سے لگایا جا سکتا ہے۔

حضور ﷺ نے فرمایا جب شعبان کی پندرہویں رات آئے تو اس رات میں قیام کرو اور دن میں روزہ رکھو۔

شعبان المعظم کا مہینہ عظمتوں رفعتوں کا مہینہ ہے۔ اس کی عظمتوں کا اندازہ اس حدیث پاک "شعبان شھری ورمضان شھر اللہ" سے لگایا جا سکتا ہے۔

حضور ﷺ نے فرمایا جب شعبان کی پندرہویں رات آئے تو اس رات میں قیام کرو اور دن میں روزہ رکھو۔

شعبان المعظم کا مہینہ عظمتوں رفعتوں کا مہینہ ہے۔ اس کی عظمتوں کا اندازہ اس حدیث پاک "شعبان شھری ورمضان شھر اللہ" سے لگایا جا سکتا ہے۔

حضور ﷺ نے فرمایا جب شعبان کی پندرہویں رات آئے تو اس رات میں قیام کرو اور دن میں روزہ رکھو۔

شعبان المعظم کا مہینہ عظمتوں رفعتوں کا مہینہ ہے۔ اس کی عظمتوں کا اندازہ اس حدیث پاک "شعبان شھری ورمضان شھر اللہ" سے لگایا جا سکتا ہے۔

حضور ﷺ نے فرمایا جب شعبان کی پندرہویں رات آئے تو اس رات میں قیام کرو اور دن میں روزہ رکھو۔

شعبان المعظم کا مہینہ عظمتوں رفعتوں کا مہینہ ہے۔ اس کی عظمتوں کا اندازہ اس حدیث پاک "شعبان شھری ورمضان شھر اللہ" سے لگایا جا سکتا ہے۔

حضور ﷺ نے فرمایا جب شعبان کی پندرہویں رات آئے تو اس رات میں قیام کرو اور دن میں روزہ رکھو۔

شعبان المعظم کا مہینہ عظمتوں رفعتوں کا مہینہ ہے۔ اس کی عظمتوں کا اندازہ اس حدیث پاک "شعبان شھری ورمضان شھر اللہ" سے لگایا جا سکتا ہے۔

حضور ﷺ نے فرمایا جب شعبان کی پندرہویں رات آئے تو اس رات میں قیام کرو اور دن میں روزہ رکھو۔

شعبان المعظم کا مہینہ عظمتوں رفعتوں کا مہینہ ہے۔ اس کی عظمتوں کا اندازہ اس حدیث پاک "شعبان شھری ورمضان شھر اللہ" سے لگایا جا سکتا ہے۔

حضور ﷺ نے فرمایا جب شعبان کی پندرہویں رات آئے تو اس رات میں قیام کرو اور دن میں روزہ رکھو۔

شعبان المعظم کا مہینہ عظمتوں رفعتوں کا مہینہ ہے۔ اس کی عظمتوں کا اندازہ اس حدیث پاک "شعبان شھری ورمضان شھر اللہ" سے لگایا جا سکتا ہے۔

حضور ﷺ نے فرمایا جب شعبان کی پندرہویں رات آئے تو اس رات میں قیام کرو اور دن میں روزہ رکھو۔

شعبان المعظم کا مہینہ عظمتوں رفعتوں کا مہینہ ہے۔ اس کی عظمتوں کا اندازہ اس حدیث پاک "شعبان شھری ورمضان شھر اللہ" سے لگایا جا سکتا ہے۔

حضور ﷺ نے فرمایا جب شعبان کی پندرہویں رات آئے تو اس رات میں قیام کرو اور دن میں روزہ رکھو۔

شعبان المعظم کا مہینہ عظمتوں رفعتوں کا مہینہ ہے۔ اس کی عظمتوں کا اندازہ اس حدیث پاک "شعبان شھری ورمضان شھر اللہ" سے لگایا جا سکتا ہے۔

حضور ﷺ نے فرمایا جب شعبان کی پندرہویں رات آئے تو اس رات میں قیام کرو اور دن میں روزہ رکھو۔

شعبان المعظم کا مہینہ عظمتوں رفعتوں کا مہینہ ہے۔ اس کی عظمتوں کا اندازہ اس حدیث پاک "شعبان شھری ورمضان شھر اللہ" سے لگایا جا سکتا ہے۔

حضور ﷺ نے فرمایا جب شعبان کی پندرہویں رات آئے تو اس رات میں قیام کرو اور دن میں روزہ رکھو۔

شعبان المعظم کا مہینہ عظمتوں رفعتوں کا مہینہ ہے۔ اس کی عظمتوں کا اندازہ اس حدیث پاک "شعبان شھری ورمضان شھر اللہ" سے لگایا جا سکتا ہے۔

حضور ﷺ نے فرمایا جب شعبان کی پندرہویں رات آئے تو اس رات میں قیام کرو اور دن میں روزہ رکھو۔

شعبان المعظم کا مہینہ عظمتوں رفعتوں کا مہینہ ہے۔ اس کی عظمتوں کا اندازہ اس حدیث پاک "شعبان شھری ورمضان شھر اللہ" سے لگایا جا سکتا ہے۔

حضور ﷺ نے فرمایا جب شعبان کی پندرہویں رات آئے تو اس رات میں قیام کرو اور دن میں روزہ رکھو۔

شعبان المعظم کا مہینہ عظمتوں رفعتوں کا مہینہ ہے۔ اس کی عظمتوں کا اندازہ اس حدیث پاک "شعبان شھری ورمضان شھر اللہ" سے لگایا جا سکتا ہے۔

حضور ﷺ نے فرمایا جب شعبان کی پندرہویں رات آئے تو اس رات میں قیام کرو اور دن میں روزہ رکھو۔

شعبان المعظم کا مہینہ عظمتوں رفعتوں کا مہینہ ہے۔ اس کی عظمتوں کا اندازہ اس حدیث پاک "شعبان شھری ورمضان شھر اللہ" سے لگایا جا سکتا ہے۔

حضور ﷺ نے فرمایا جب شعبان کی پندرہویں رات آئے تو اس رات میں قیام کرو اور دن میں روزہ رکھو۔

شعبان المعظم کا مہینہ عظمتوں رفعتوں کا مہینہ ہے۔ اس کی عظمتوں کا اندازہ اس حدیث پاک "شعبان شھری ورمضان شھر اللہ" سے لگایا جا سکتا ہے۔

حضور ﷺ نے فرمایا جب شعبان کی پندرہویں رات آئے تو اس رات میں قیام کرو اور دن میں روزہ رکھو۔

شعبان المعظم کا مہینہ عظمتوں رفعتوں کا مہینہ ہے۔ اس کی عظمتوں کا اندازہ اس حدیث پاک "شعبان شھری ورمضان شھر اللہ" سے لگایا جا سکتا ہے۔

حضور ﷺ نے فرمایا جب شعبان کی پندرہویں رات آئے تو اس رات میں قیام کرو اور دن میں روزہ رکھو۔

بدلے گا زمانہ لاکھ مگر، قرآن نہ بدلا جائے گا
جلیس فاطمہ ناصر

قرآن مجید اللہ تعالیٰ کا کلام ہے جو رسول اللہ ﷺ پر نازل ہوا اور قیامت تک کے لئے تمام انسانوں کے لئے ہدایت کا سرچشمہ ہے۔

اس کتاب کی حفاظت کا ذمہ خود اللہ تعالیٰ نے لیا ہے، زمانہ بدلتا رہے گا مگر قرآن کا ایک حرف بھی نہیں بدلا جا سکتا۔

قرآن مجید اللہ تعالیٰ کا کلام ہے جو رسول اللہ ﷺ پر نازل ہوا اور قیامت تک کے لئے تمام انسانوں کے لئے ہدایت کا سرچشمہ ہے۔

اس کتاب کی حفاظت کا ذمہ خود اللہ تعالیٰ نے لیا ہے، زمانہ بدلتا رہے گا مگر قرآن کا ایک حرف بھی نہیں بدلا جا سکتا۔

قرآن مجید اللہ تعالیٰ کا کلام ہے جو رسول اللہ ﷺ پر نازل ہوا اور قیامت تک کے لئے تمام انسانوں کے لئے ہدایت کا سرچشمہ ہے۔

اس کتاب کی حفاظت کا ذمہ خود اللہ تعالیٰ نے لیا ہے، زمانہ بدلتا رہے گا مگر قرآن کا ایک حرف بھی نہیں بدلا جا سکتا۔

قرآن مجید اللہ تعالیٰ کا کلام ہے جو رسول اللہ ﷺ پر نازل ہوا اور قیامت تک کے لئے تمام انسانوں کے لئے ہدایت کا سرچشمہ ہے۔

اس کتاب کی حفاظت کا ذمہ خود اللہ تعالیٰ نے لیا ہے، زمانہ بدلتا رہے گا مگر قرآن کا ایک حرف بھی نہیں بدلا جا سکتا۔

قرآن مجید اللہ تعالیٰ کا کلام ہے جو رسول اللہ ﷺ پر نازل ہوا اور قیامت تک کے لئے تمام انسانوں کے لئے ہدایت کا سرچشمہ ہے۔

اس کتاب کی حفاظت کا ذمہ خود اللہ تعالیٰ نے لیا ہے، زمانہ بدلتا رہے گا مگر قرآن کا ایک حرف بھی نہیں بدلا جا سکتا۔

قرآن مجید اللہ تعالیٰ کا کلام ہے جو رسول اللہ ﷺ پر نازل ہوا اور قیامت تک کے لئے تمام انسانوں کے لئے ہدایت کا سرچشمہ ہے۔

اس کتاب کی حفاظت کا ذمہ خود اللہ تعالیٰ نے لیا ہے، زمانہ بدلتا رہے گا مگر قرآن کا ایک حرف بھی نہیں بدلا جا سکتا۔

قرآن مجید اللہ تعالیٰ کا کلام ہے جو رسول اللہ ﷺ پر نازل ہوا اور قیامت تک کے لئے تمام انسانوں کے لئے ہدایت کا سرچشمہ ہے۔

اس کتاب کی حفاظت کا ذمہ خود اللہ تعالیٰ نے لیا ہے، زمانہ بدلتا رہے گا مگر قرآن کا ایک حرف بھی نہیں بدلا جا سکتا۔

قرآن مجید اللہ تعالیٰ کا کلام ہے جو رسول اللہ ﷺ پر نازل ہوا اور قیامت تک کے لئے تمام انسانوں کے لئے ہدایت کا سرچشمہ ہے۔

اس کتاب کی حفاظت کا ذمہ خود اللہ تعالیٰ نے لیا ہے، زمانہ بدلتا رہے گا مگر قرآن کا ایک حرف بھی نہیں بدلا جا سکتا۔

قرآن مجید اللہ تعالیٰ کا کلام ہے جو رسول اللہ ﷺ پر نازل ہوا اور قیامت تک کے لئے تمام انسانوں کے لئے ہدایت کا سرچشمہ ہے۔

اس کتاب کی حفاظت کا ذمہ خود اللہ تعالیٰ نے لیا ہے، زمانہ بدلتا رہے گا مگر قرآن کا ایک حرف بھی نہیں بدلا جا سکتا۔

قرآن مجید اللہ تعالیٰ کا کلام ہے جو رسول اللہ ﷺ پر نازل ہوا اور قیامت تک کے لئے تمام انسانوں کے لئے ہدایت کا سرچشمہ ہے۔

اس کتاب کی حفاظت کا ذمہ خود اللہ تعالیٰ نے لیا ہے، زمانہ بدلتا رہے گا مگر قرآن کا ایک حرف بھی نہیں بدلا جا سکتا۔

قرآن مجید اللہ تعالیٰ کا کلام ہے جو رسول اللہ ﷺ پر نازل ہوا اور قیامت تک کے لئے تمام انسانوں کے لئے ہدایت کا سرچشمہ ہے۔

اس کتاب کی حفاظت کا ذمہ خود اللہ تعالیٰ نے لیا ہے، زمانہ بدلتا رہے گا مگر قرآن کا ایک حرف بھی نہیں بدلا جا سکتا۔

قرآن مجید اللہ تعالیٰ کا کلام ہے جو رسول اللہ ﷺ پر نازل ہوا اور قیامت تک کے لئے تمام انسانوں کے لئے ہدایت کا سرچشمہ ہے۔

اس کتاب کی حفاظت کا ذمہ خود اللہ تعالیٰ نے لیا ہے، زمانہ بدلتا رہے گا مگر قرآن کا ایک حرف بھی نہیں بدلا جا سکتا۔

قرآن مجید اللہ تعالیٰ کا کلام ہے جو رسول اللہ ﷺ پر نازل ہوا اور قیامت تک کے لئے تمام انسانوں کے لئے ہدایت کا سرچشمہ ہے۔

اس کتاب کی حفاظت کا ذمہ خود اللہ تعالیٰ نے لیا ہے، زمانہ بدلتا رہے گا مگر قرآن کا ایک حرف بھی نہیں بدلا جا سکتا۔
